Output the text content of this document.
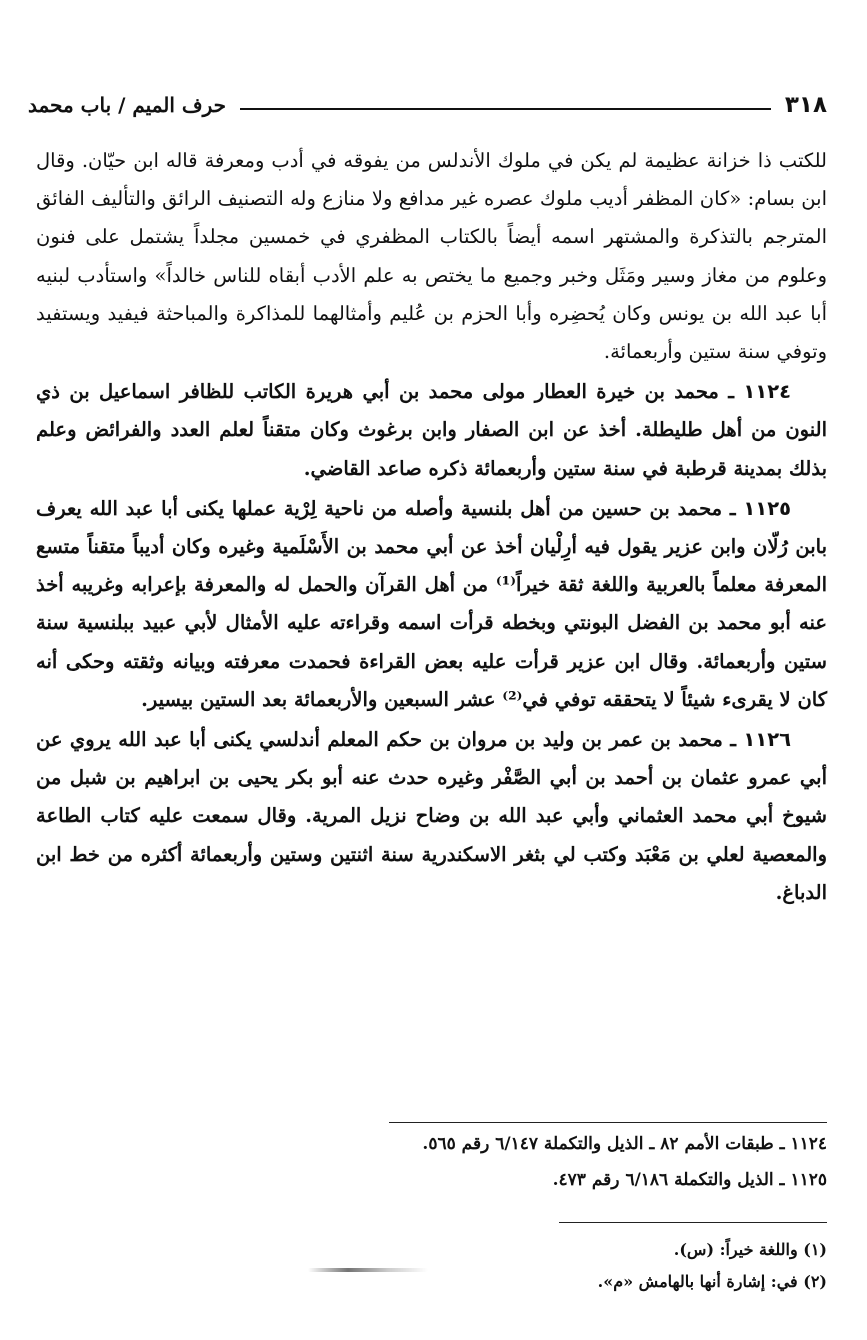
٣١٨
حرف الميم / باب محمد

للكتب ذا خزانة عظيمة لم يكن في ملوك الأندلس من يفوقه في أدب ومعرفة قاله ابن حيّان. وقال ابن بسام: «كان المظفر أديب ملوك عصره غير مدافع ولا منازع وله التصنيف الرائق والتأليف الفائق المترجم بالتذكرة والمشتهر اسمه أيضاً بالكتاب المظفري في خمسين مجلداً يشتمل على فنون وعلوم من مغاز وسير ومَثَل وخبر وجميع ما يختص به علم الأدب أبقاه للناس خالداً» واستأدب لبنيه أبا عبد الله بن يونس وكان يُحضِره وأبا الحزم بن عُليم وأمثالهما للمذاكرة والمباحثة فيفيد ويستفيد وتوفي سنة ستين وأربعمائة.

١١٢٤ ـ محمد بن خيرة العطار مولى محمد بن أبي هريرة الكاتب للظافر اسماعيل بن ذي النون من أهل طليطلة. أخذ عن ابن الصفار وابن برغوث وكان متقناً لعلم العدد والفرائض وعلم بذلك بمدينة قرطبة في سنة ستين وأربعمائة ذكره صاعد القاضي.

١١٢٥ ـ محمد بن حسين من أهل بلنسية وأصله من ناحية لِرْية عملها يكنى أبا عبد الله يعرف بابن رُلّان وابن عزير يقول فيه أرِلْيان أخذ عن أبي محمد بن الأَسْلَمية وغيره وكان أديباً متقناً متسع المعرفة معلماً بالعربية واللغة ثقة خيراً⁽¹⁾ من أهل القرآن والحمل له والمعرفة بإعرابه وغريبه أخذ عنه أبو محمد بن الفضل البونتي وبخطه قرأت اسمه وقراءته عليه الأمثال لأبي عبيد ببلنسية سنة ستين وأربعمائة. وقال ابن عزير قرأت عليه بعض القراءة فحمدت معرفته وبيانه وثقته وحكى أنه كان لا يقرىء شيئاً لا يتحققه توفي في⁽²⁾ عشر السبعين والأربعمائة بعد الستين بيسير.

١١٢٦ ـ محمد بن عمر بن وليد بن مروان بن حكم المعلم أندلسي يكنى أبا عبد الله يروي عن أبي عمرو عثمان بن أحمد بن أبي الصَّفْر وغيره حدث عنه أبو بكر يحيى بن ابراهيم بن شبل من شيوخ أبي محمد العثماني وأبي عبد الله بن وضاح نزيل المرية. وقال سمعت عليه كتاب الطاعة والمعصية لعلي بن مَعْبَد وكتب لي بثغر الاسكندرية سنة اثنتين وستين وأربعمائة أكثره من خط ابن الدباغ.

١١٢٤ ـ طبقات الأمم ٨٢ ـ الذيل والتكملة ٦/١٤٧ رقم ٥٦٥.
١١٢٥ ـ الذيل والتكملة ٦/١٨٦ رقم ٤٧٣.
(١) واللغة خيراً: (س).
(٢) في: إشارة أنها بالهامش «م».
